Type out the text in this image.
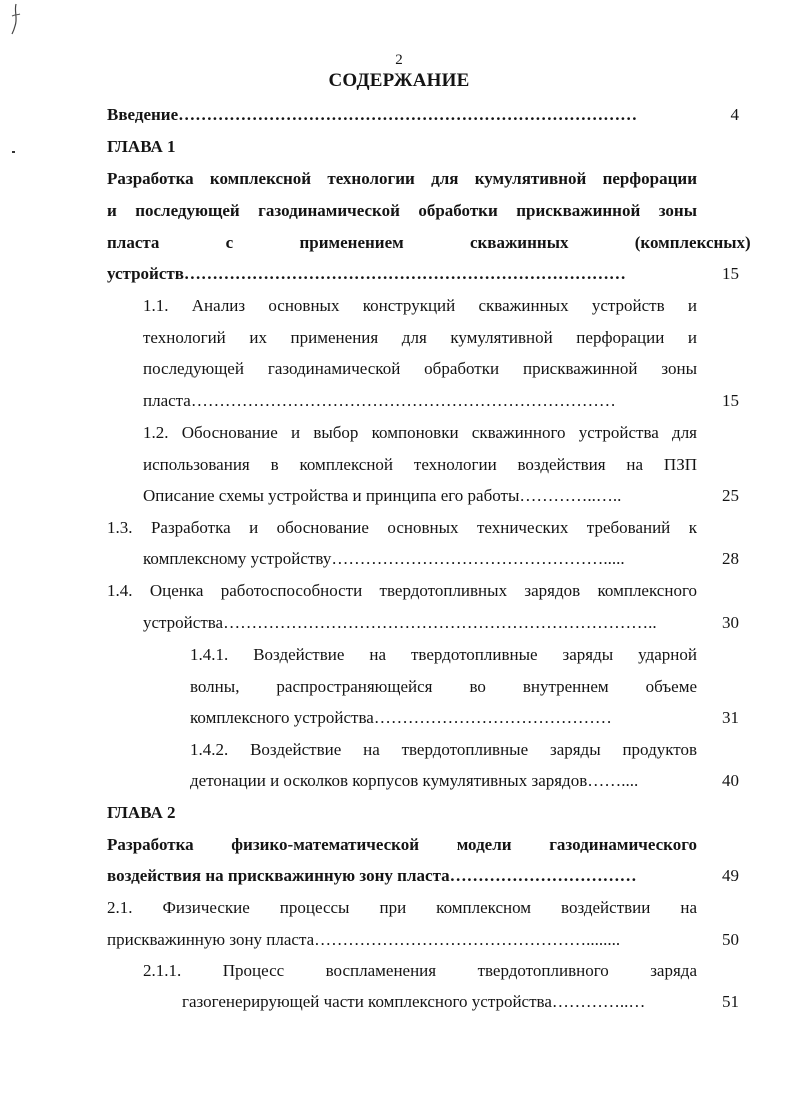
2
СОДЕРЖАНИЕ
Введение………………………………………………………………………	4
ГЛАВА 1
Разработка комплексной технологии для кумулятивной перфорации
и последующей газодинамической обработки прискважинной зоны
пласта с применением скважинных (комплексных)
устройств……………………………………………………………………	15
1.1. Анализ основных конструкций скважинных устройств и
технологий их применения для кумулятивной перфорации и
последующей газодинамической обработки прискважинной зоны
пласта…………………………………………………………………	15
1.2. Обоснование и выбор компоновки скважинного устройства для
использования в комплексной технологии воздействия на ПЗП
Описание схемы устройства и принципа его работы…………..…..	25
1.3. Разработка и обоснование основных технических требований к
комплексному устройству………………………………………….....	28
1.4. Оценка работоспособности твердотопливных зарядов комплексного
устройства…………………………………………………………………..	30
1.4.1. Воздействие на твердотопливные заряды ударной
волны, распространяющейся во внутреннем объеме
комплексного устройства……………………………………	31
1.4.2. Воздействие на твердотопливные заряды продуктов
детонации и осколков корпусов кумулятивных зарядов……....	40
ГЛАВА 2
Разработка физико-математической модели газодинамического
воздействия на прискважинную зону пласта……………………………	49
2.1. Физические процессы при комплексном воздействии на
прискважинную зону пласта…………………………………………........	50
2.1.1. Процесс воспламенения твердотопливного заряда
газогенерирующей части комплексного устройства…………..…	51
